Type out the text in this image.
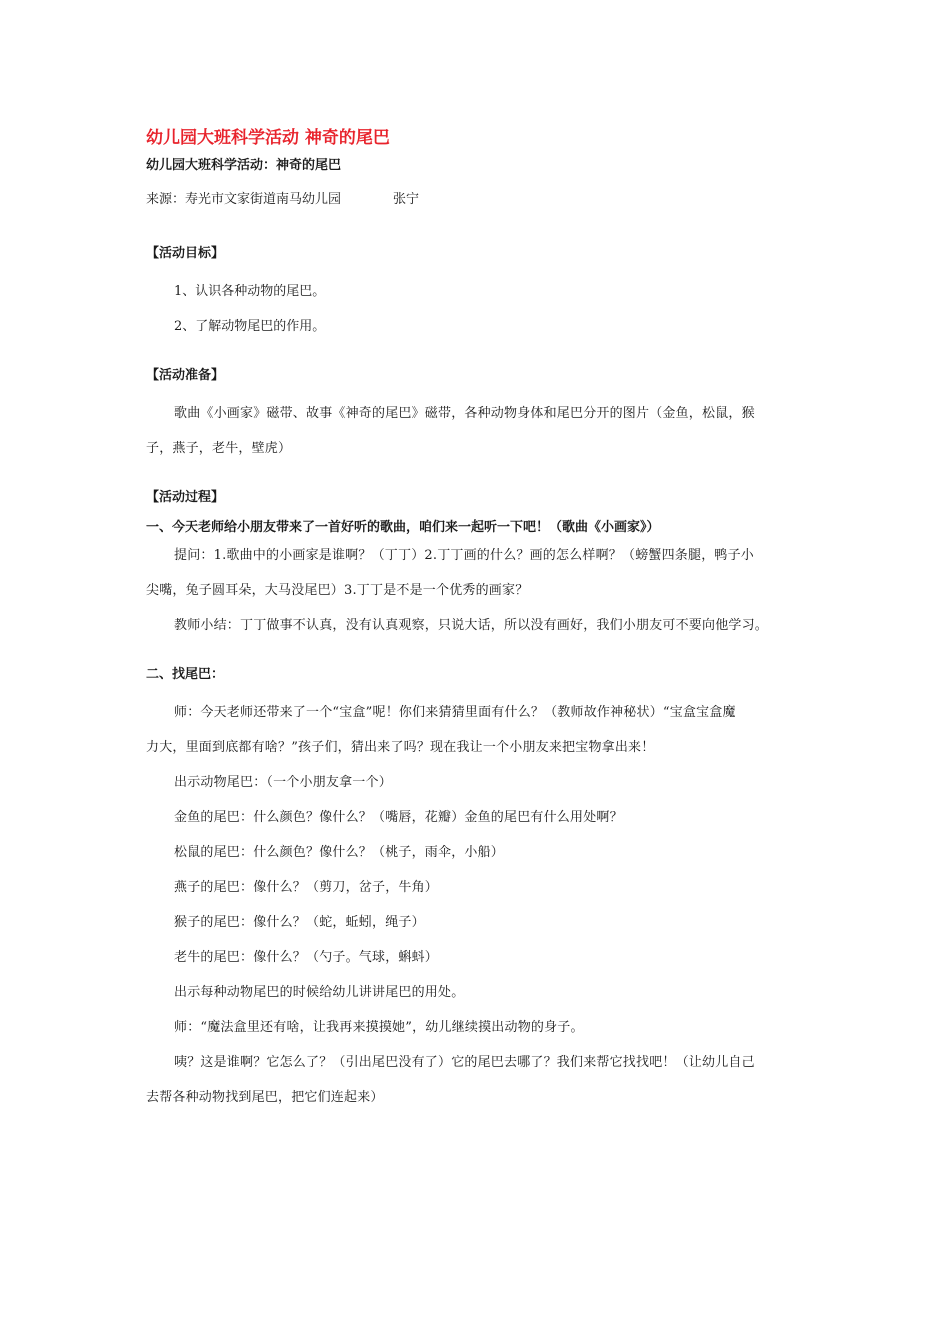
幼儿园大班科学活动 神奇的尾巴
幼儿园大班科学活动：神奇的尾巴
来源：寿光市文家街道南马幼儿园	张宁
【活动目标】

1、认识各种动物的尾巴。

2、了解动物尾巴的作用。

【活动准备】

歌曲《小画家》磁带、故事《神奇的尾巴》磁带，各种动物身体和尾巴分开的图片（金鱼，松鼠，猴

子，燕子，老牛，壁虎）

【活动过程】
一、今天老师给小朋友带来了一首好听的歌曲，咱们来一起听一下吧！（歌曲《小画家》）

提问：1.歌曲中的小画家是谁啊？（丁丁）2.丁丁画的什么？画的怎么样啊？（螃蟹四条腿，鸭子小

尖嘴，兔子圆耳朵，大马没尾巴）3.丁丁是不是一个优秀的画家？

教师小结：丁丁做事不认真，没有认真观察，只说大话，所以没有画好，我们小朋友可不要向他学习。

二、找尾巴：

师：今天老师还带来了一个“宝盒”呢！你们来猜猜里面有什么？（教师故作神秘状）“宝盒宝盒魔

力大，里面到底都有啥？”孩子们，猜出来了吗？现在我让一个小朋友来把宝物拿出来！

出示动物尾巴：（一个小朋友拿一个）

金鱼的尾巴：什么颜色？像什么？（嘴唇，花瓣）金鱼的尾巴有什么用处啊？

松鼠的尾巴：什么颜色？像什么？（桃子，雨伞，小船）

燕子的尾巴：像什么？（剪刀，岔子，牛角）

猴子的尾巴：像什么？（蛇，蚯蚓，绳子）

老牛的尾巴：像什么？（勺子。气球，蝌蚪）

出示每种动物尾巴的时候给幼儿讲讲尾巴的用处。

师：“魔法盒里还有啥，让我再来摸摸她”，幼儿继续摸出动物的身子。

咦？这是谁啊？它怎么了？（引出尾巴没有了）它的尾巴去哪了？我们来帮它找找吧！（让幼儿自己

去帮各种动物找到尾巴，把它们连起来）
